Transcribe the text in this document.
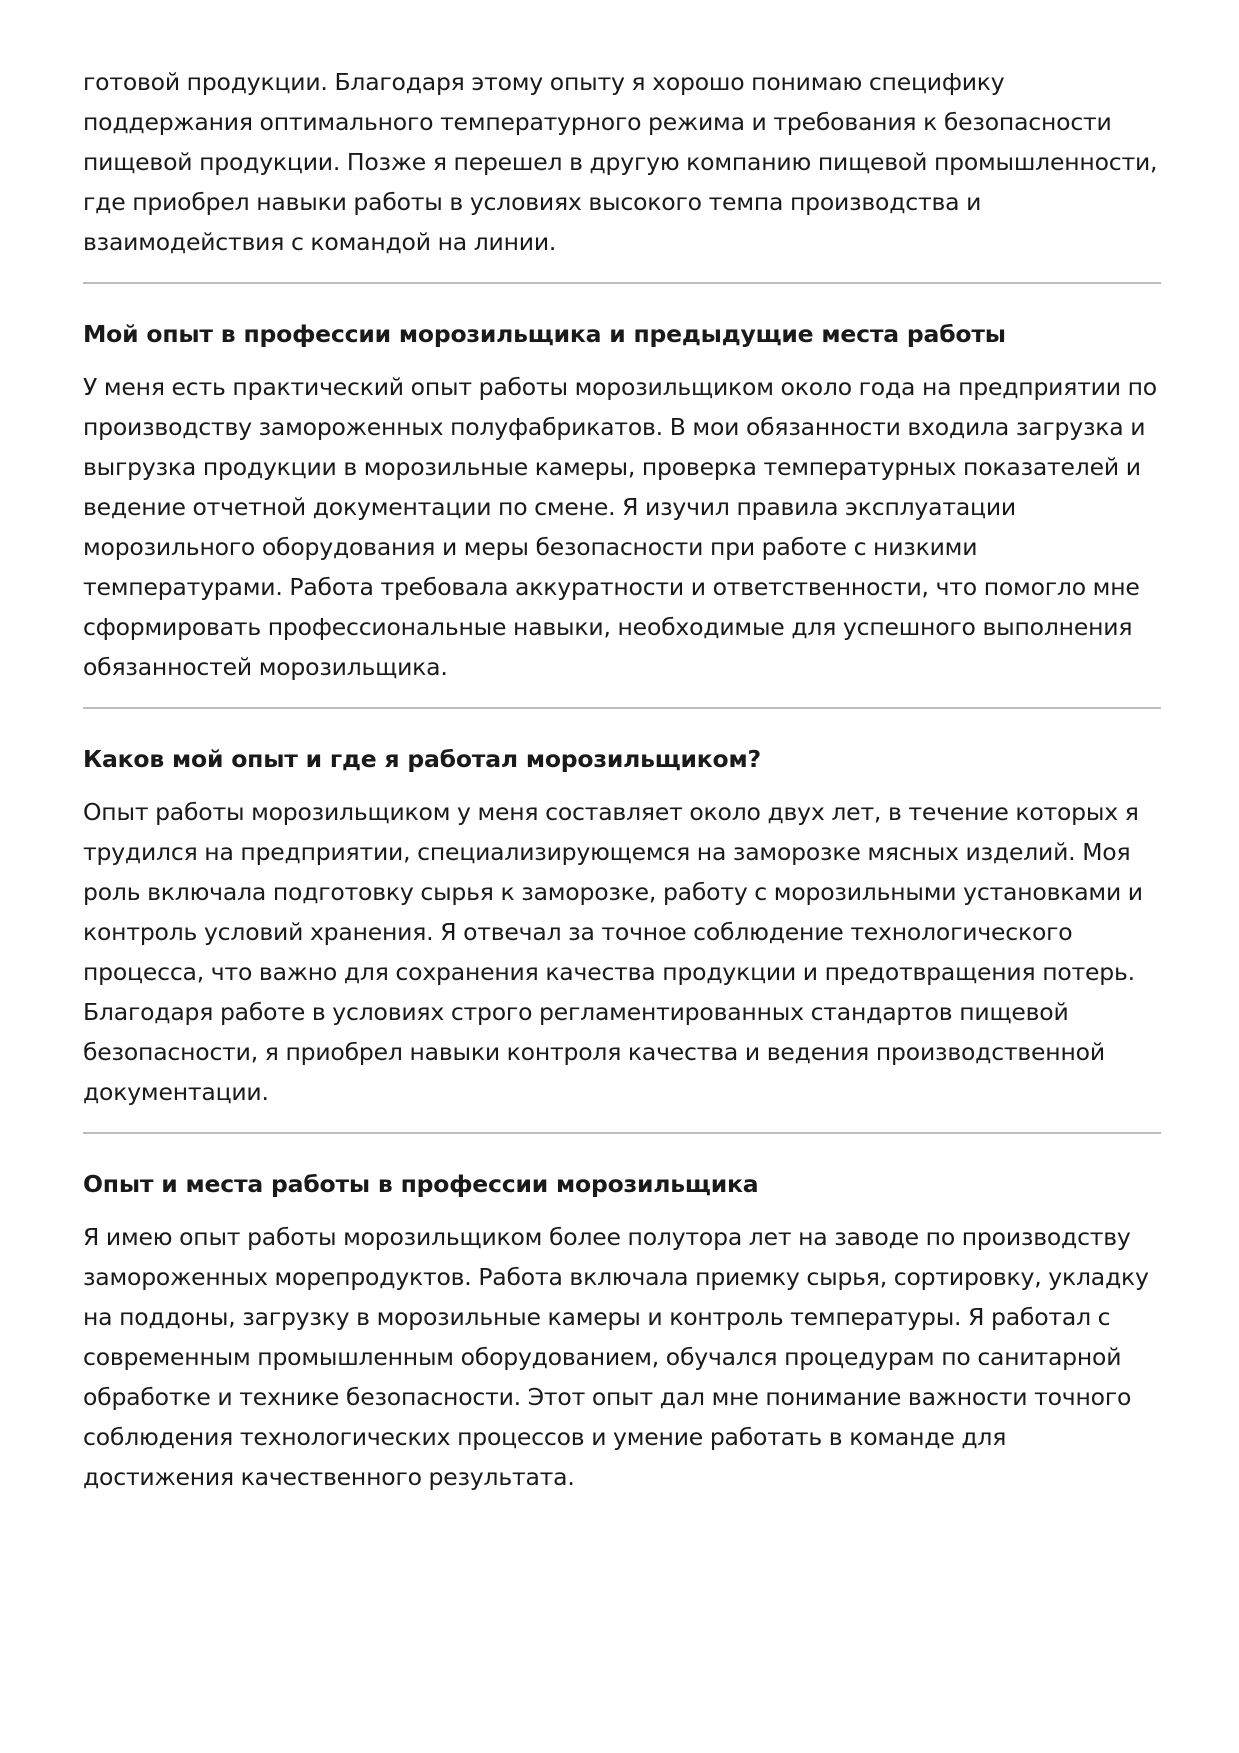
готовой продукции. Благодаря этому опыту я хорошо понимаю специфику поддержания оптимального температурного режима и требования к безопасности пищевой продукции. Позже я перешел в другую компанию пищевой промышленности, где приобрел навыки работы в условиях высокого темпа производства и взаимодействия с командой на линии.

Мой опыт в профессии морозильщика и предыдущие места работы

У меня есть практический опыт работы морозильщиком около года на предприятии по производству замороженных полуфабрикатов. В мои обязанности входила загрузка и выгрузка продукции в морозильные камеры, проверка температурных показателей и ведение отчетной документации по смене. Я изучил правила эксплуатации морозильного оборудования и меры безопасности при работе с низкими температурами. Работа требовала аккуратности и ответственности, что помогло мне сформировать профессиональные навыки, необходимые для успешного выполнения обязанностей морозильщика.

Каков мой опыт и где я работал морозильщиком?

Опыт работы морозильщиком у меня составляет около двух лет, в течение которых я трудился на предприятии, специализирующемся на заморозке мясных изделий. Моя роль включала подготовку сырья к заморозке, работу с морозильными установками и контроль условий хранения. Я отвечал за точное соблюдение технологического процесса, что важно для сохранения качества продукции и предотвращения потерь. Благодаря работе в условиях строго регламентированных стандартов пищевой безопасности, я приобрел навыки контроля качества и ведения производственной документации.

Опыт и места работы в профессии морозильщика

Я имею опыт работы морозильщиком более полутора лет на заводе по производству замороженных морепродуктов. Работа включала приемку сырья, сортировку, укладку на поддоны, загрузку в морозильные камеры и контроль температуры. Я работал с современным промышленным оборудованием, обучался процедурам по санитарной обработке и технике безопасности. Этот опыт дал мне понимание важности точного соблюдения технологических процессов и умение работать в команде для достижения качественного результата.
